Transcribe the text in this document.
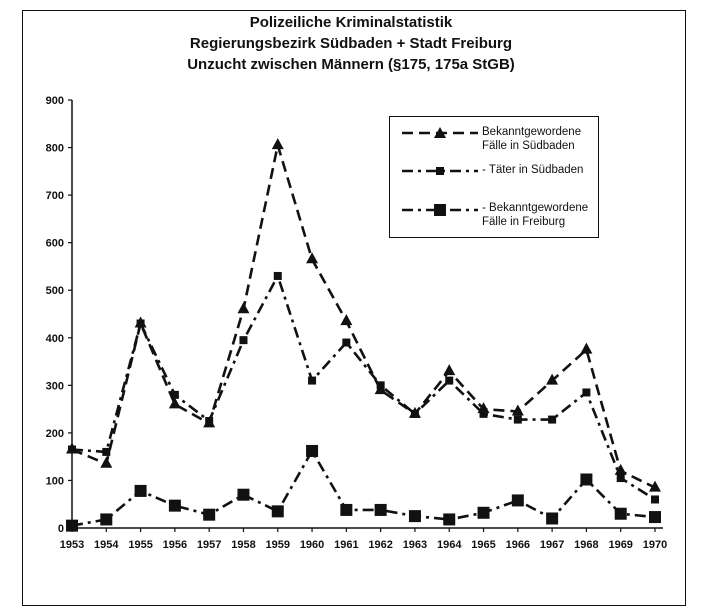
Polizeiliche Kriminalstatistik
Regierungsbezirk Südbaden + Stadt Freiburg
Unzucht zwischen Männern (§175, 175a StGB)
0
100
200
300
400
500
600
700
800
900
1953 1954 1955 1956 1957 1958 1959 1960 1961 1962 1963 1964 1965 1966 1967 1968 1969 1970
Bekanntgewordene
Fälle in Südbaden
- Täter in Südbaden
- Bekanntgewordene
Fälle in Freiburg
